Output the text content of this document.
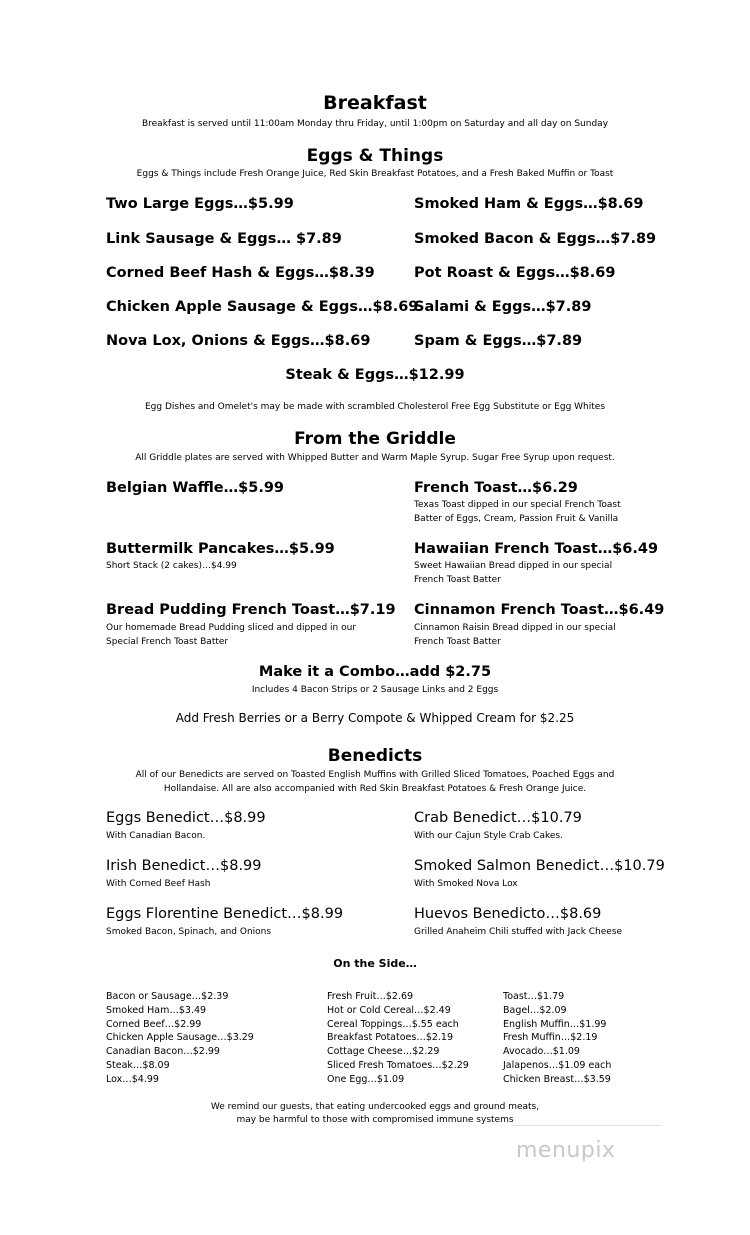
Breakfast
Breakfast is served until 11:00am Monday thru Friday, until 1:00pm on Saturday and all day on Sunday
Eggs & Things
Eggs & Things include Fresh Orange Juice, Red Skin Breakfast Potatoes, and a Fresh Baked Muffin or Toast
Two Large Eggs…$5.99
Link Sausage & Eggs… $7.89
Corned Beef Hash & Eggs…$8.39
Chicken Apple Sausage & Eggs…$8.69
Nova Lox, Onions & Eggs…$8.69
Smoked Ham & Eggs…$8.69
Smoked Bacon & Eggs…$7.89
Pot Roast & Eggs…$8.69
Salami & Eggs…$7.89
Spam & Eggs…$7.89
Steak & Eggs…$12.99
Egg Dishes and Omelet's may be made with scrambled Cholesterol Free Egg Substitute or Egg Whites
From the Griddle
All Griddle plates are served with Whipped Butter and Warm Maple Syrup. Sugar Free Syrup upon request.
Belgian Waffle…$5.99	French Toast…$6.29
Texas Toast dipped in our special French Toast
Batter of Eggs, Cream, Passion Fruit & Vanilla
Buttermilk Pancakes…$5.99
Short Stack (2 cakes)…$4.99
Hawaiian French Toast…$6.49
Sweet Hawaiian Bread dipped in our special
French Toast Batter
Bread Pudding French Toast…$7.19
Our homemade Bread Pudding sliced and dipped in our
Special French Toast Batter
Cinnamon French Toast…$6.49
Cinnamon Raisin Bread dipped in our special
French Toast Batter
Make it a Combo…add $2.75
Includes 4 Bacon Strips or 2 Sausage Links and 2 Eggs
Add Fresh Berries or a Berry Compote & Whipped Cream for $2.25
Benedicts
All of our Benedicts are served on Toasted English Muffins with Grilled Sliced Tomatoes, Poached Eggs and
Hollandaise. All are also accompanied with Red Skin Breakfast Potatoes & Fresh Orange Juice.
Eggs Benedict…$8.99
With Canadian Bacon.
Crab Benedict…$10.79
With our Cajun Style Crab Cakes.
Irish Benedict…$8.99
With Corned Beef Hash
Smoked Salmon Benedict…$10.79
With Smoked Nova Lox
Eggs Florentine Benedict…$8.99
Smoked Bacon, Spinach, and Onions
Huevos Benedicto…$8.69
Grilled Anaheim Chili stuffed with Jack Cheese
On the Side…
Bacon or Sausage…$2.39
Smoked Ham…$3.49
Corned Beef…$2.99
Chicken Apple Sausage…$3.29
Canadian Bacon…$2.99
Steak…$8.09
Lox…$4.99
Fresh Fruit…$2.69
Hot or Cold Cereal…$2.49
Cereal Toppings…$.55 each
Breakfast Potatoes…$2.19
Cottage Cheese…$2.29
Sliced Fresh Tomatoes…$2.29
One Egg…$1.09
Toast…$1.79
Bagel…$2.09
English Muffin…$1.99
Fresh Muffin…$2.19
Avocado…$1.09
Jalapenos…$1.09 each
Chicken Breast…$3.59
We remind our guests, that eating undercooked eggs and ground meats,
may be harmful to those with compromised immune systems
menupix
